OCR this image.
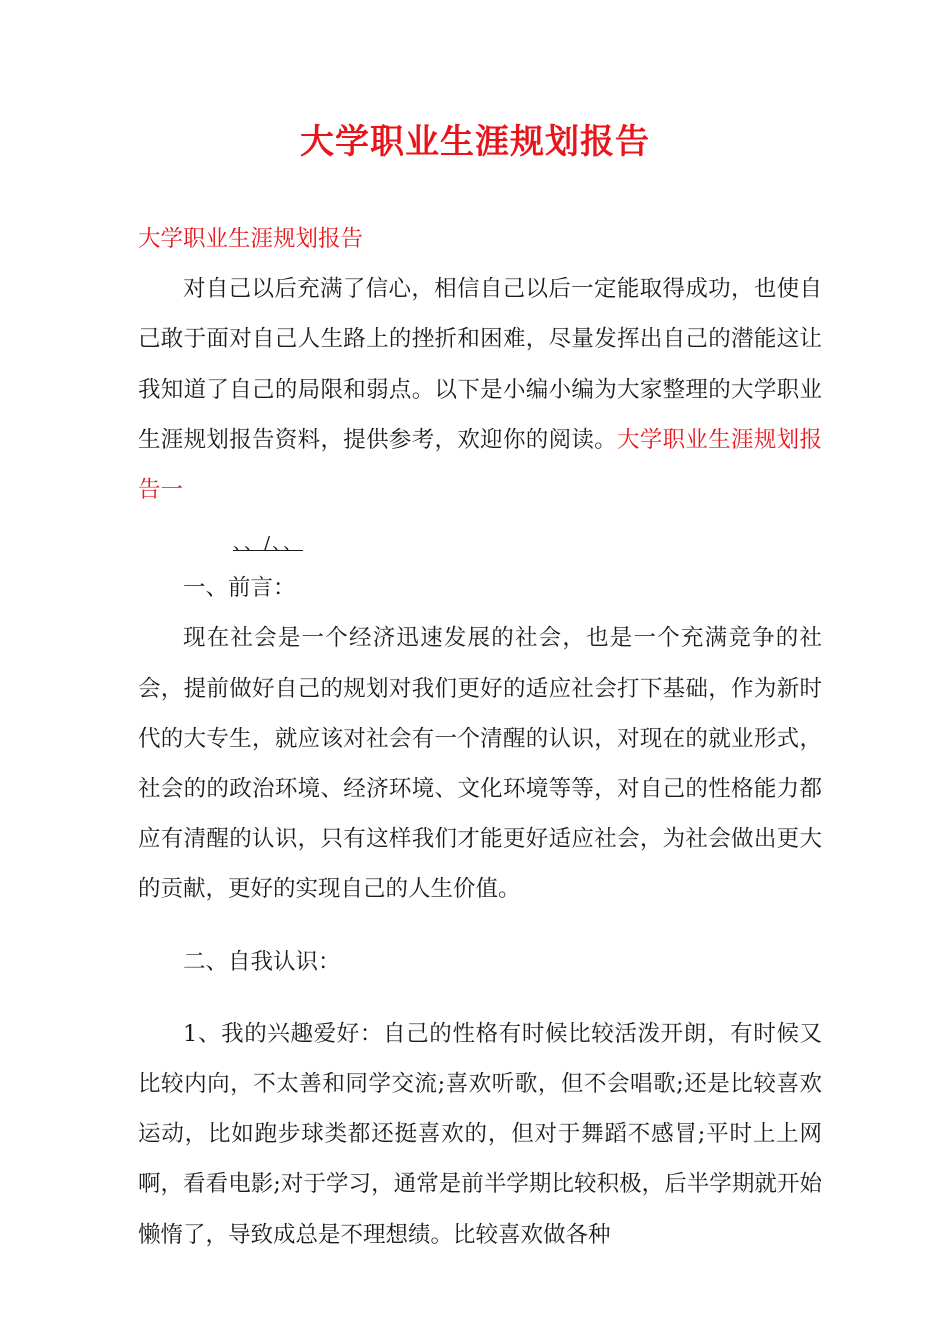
大学职业生涯规划报告

大学职业生涯规划报告

对自己以后充满了信心，相信自己以后一定能取得成功，也使自己敢于面对自己人生路上的挫折和困难，尽量发挥出自己的潜能这让我知道了自己的局限和弱点。以下是小编小编为大家整理的大学职业生涯规划报告资料，提供参考，欢迎你的阅读。大学职业生涯规划报告一

、、/、、

一、前言：

现在社会是一个经济迅速发展的社会，也是一个充满竞争的社会，提前做好自己的规划对我们更好的适应社会打下基础，作为新时代的大专生，就应该对社会有一个清醒的认识，对现在的就业形式，社会的的政治环境、经济环境、文化环境等等，对自己的性格能力都应有清醒的认识，只有这样我们才能更好适应社会，为社会做出更大的贡献，更好的实现自己的人生价值。

二、自我认识：

1、我的兴趣爱好：自己的性格有时候比较活泼开朗，有时候又比较内向，不太善和同学交流;喜欢听歌，但不会唱歌;还是比较喜欢运动，比如跑步球类都还挺喜欢的，但对于舞蹈不感冒;平时上上网啊，看看电影;对于学习，通常是前半学期比较积极，后半学期就开始懒惰了，导致成总是不理想绩。比较喜欢做各种
